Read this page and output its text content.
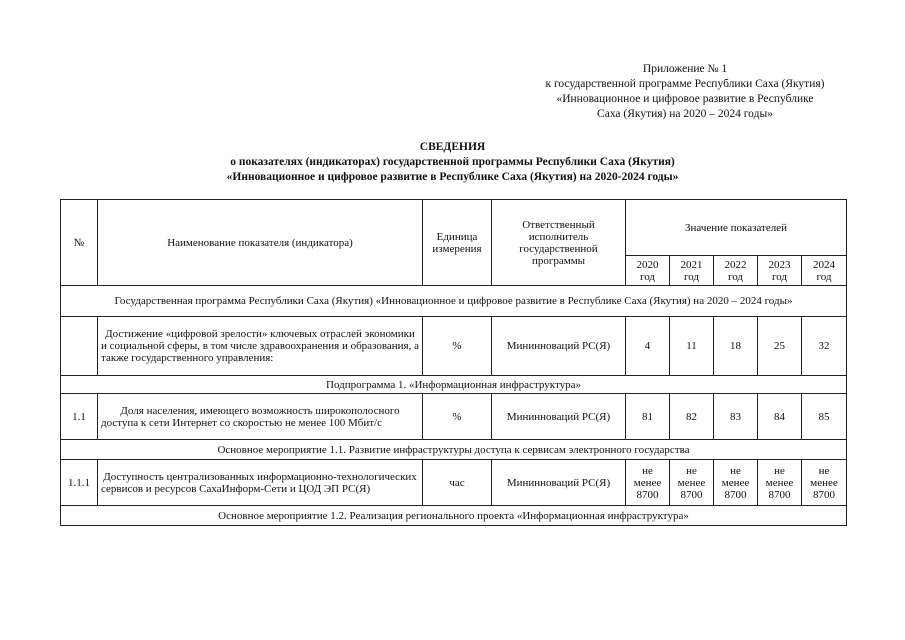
Приложение № 1
к государственной программе Республики Саха (Якутия)
«Инновационное и цифровое развитие в Республике
Саха (Якутия) на 2020 – 2024 годы»
СВЕДЕНИЯ
о показателях (индикаторах) государственной программы Республики Саха (Якутия)
«Инновационное и цифровое развитие в Республике Саха (Якутия) на 2020-2024 годы»
№	Наименование показателя (индикатора)	Единица измерения	Ответственный исполнитель государственной программы	Значение показателей				
				2020 год	2021 год	2022 год	2023 год	2024 год
Государственная программа Республики Саха (Якутия) «Инновационное и цифровое развитие в Республике Саха (Якутия) на 2020 – 2024 годы»								
	Достижение «цифровой зрелости» ключевых отраслей экономики и социальной сферы, в том числе здравоохранения и образования, а также государственного управления:	%	Мининновaций РС(Я)	4	11	18	25	32
Подпрограмма 1. «Информационная инфраструктура»								
1.1	Доля населения, имеющего возможность широкополосного доступа к сети Интернет со скоростью не менее 100 Мбит/с	%	Мининноваций РС(Я)	81	82	83	84	85
Основное мероприятие 1.1. Развитие инфраструктуры доступа к сервисам электронного государства								
1.1.1	Доступность централизованных информационно-технологических сервисов и ресурсов СахаИнформ-Сети и ЦОД ЭП РС(Я)	час	Мининноваций РС(Я)	не менее 8700	не менее 8700	не менее 8700	не менее 8700	не менее 8700
Основное мероприятие 1.2. Реализация регионального проекта «Информационная инфраструктура»								
